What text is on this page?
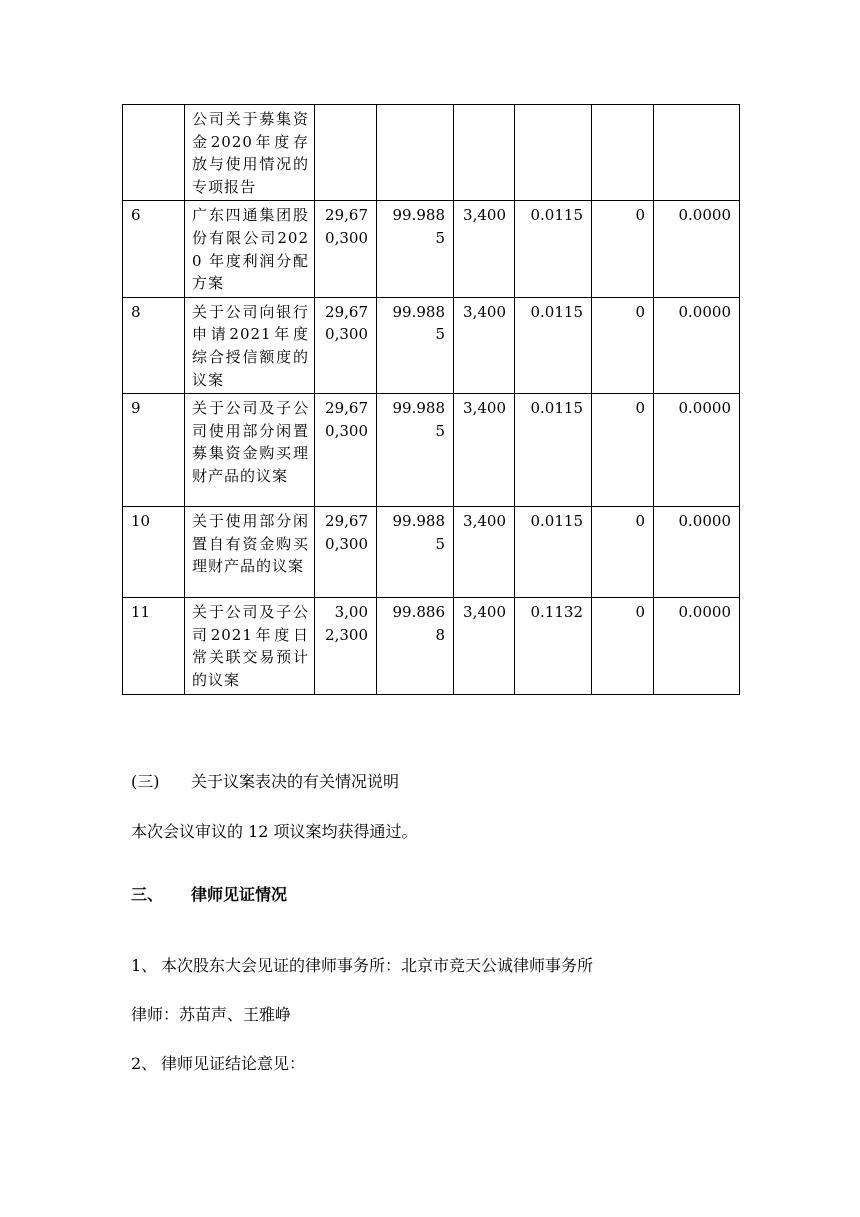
	公司关于募集资金2020年度存放与使用情况的专项报告						
6	广东四通集团股份有限公司2020 年度利润分配方案	29,670,300	99.9885	3,400	0.0115	0	0.0000
8	关于公司向银行申请2021年度综合授信额度的议案	29,670,300	99.9885	3,400	0.0115	0	0.0000
9	关于公司及子公司使用部分闲置募集资金购买理财产品的议案	29,670,300	99.9885	3,400	0.0115	0	0.0000
10	关于使用部分闲置自有资金购买理财产品的议案	29,670,300	99.9885	3,400	0.0115	0	0.0000
11	关于公司及子公司2021年度日常关联交易预计的议案	3,002,300	99.8868	3,400	0.1132	0	0.0000
(三) 关于议案表决的有关情况说明
本次会议审议的 12 项议案均获得通过。
三、 律师见证情况
1、 本次股东大会见证的律师事务所：北京市竞天公诚律师事务所
律师：苏苗声、王雅峥
2、 律师见证结论意见：
